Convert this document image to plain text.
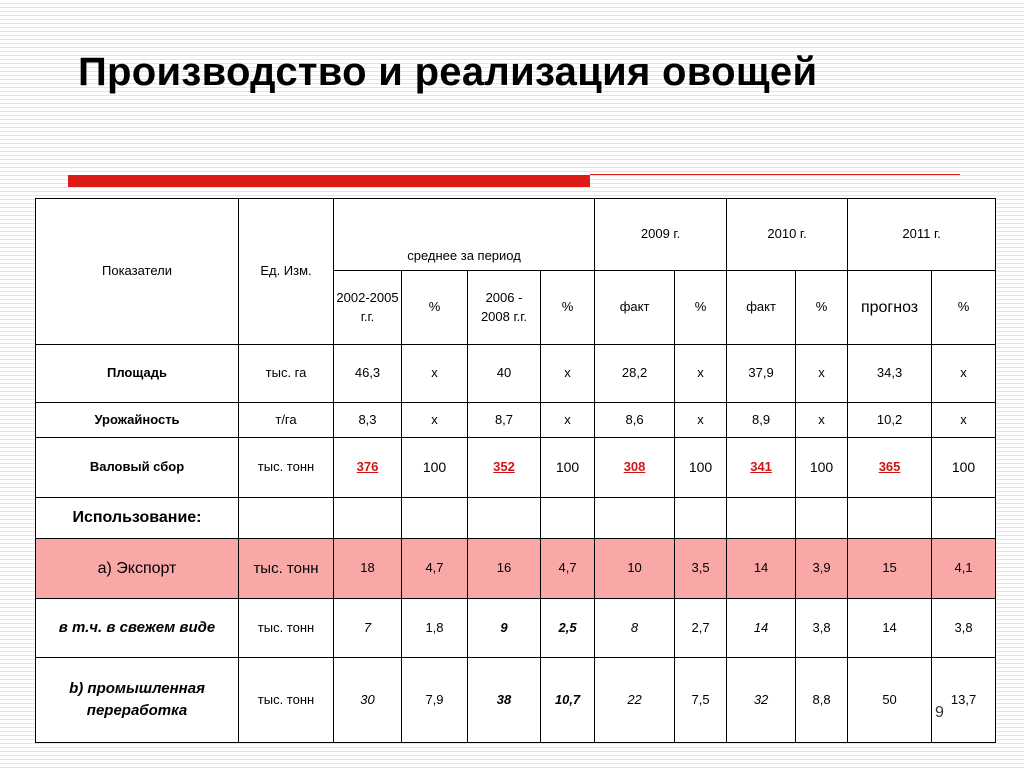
Производство и реализация овощей
Показатели	Ед. Изм.	среднее за период				2009 г.		2010 г.		2011 г.	
		2002-2005 г.г.	%	2006 - 2008 г.г.	%	факт	%	факт	%	прогноз	%
Площадь	тыс. га	46,3	х	40	х	28,2	х	37,9	х	34,3	х
Урожайность	т/га	8,3	х	8,7	х	8,6	х	8,9	х	10,2	х
Валовый сбор	тыс. тонн	376	100	352	100	308	100	341	100	365	100
Использование:											
а) Экспорт	тыс. тонн	18	4,7	16	4,7	10	3,5	14	3,9	15	4,1
в т.ч. в свежем виде	тыс. тонн	7	1,8	9	2,5	8	2,7	14	3,8	14	3,8
b) промышленная переработка	тыс. тонн	30	7,9	38	10,7	22	7,5	32	8,8	50	13,7
9
